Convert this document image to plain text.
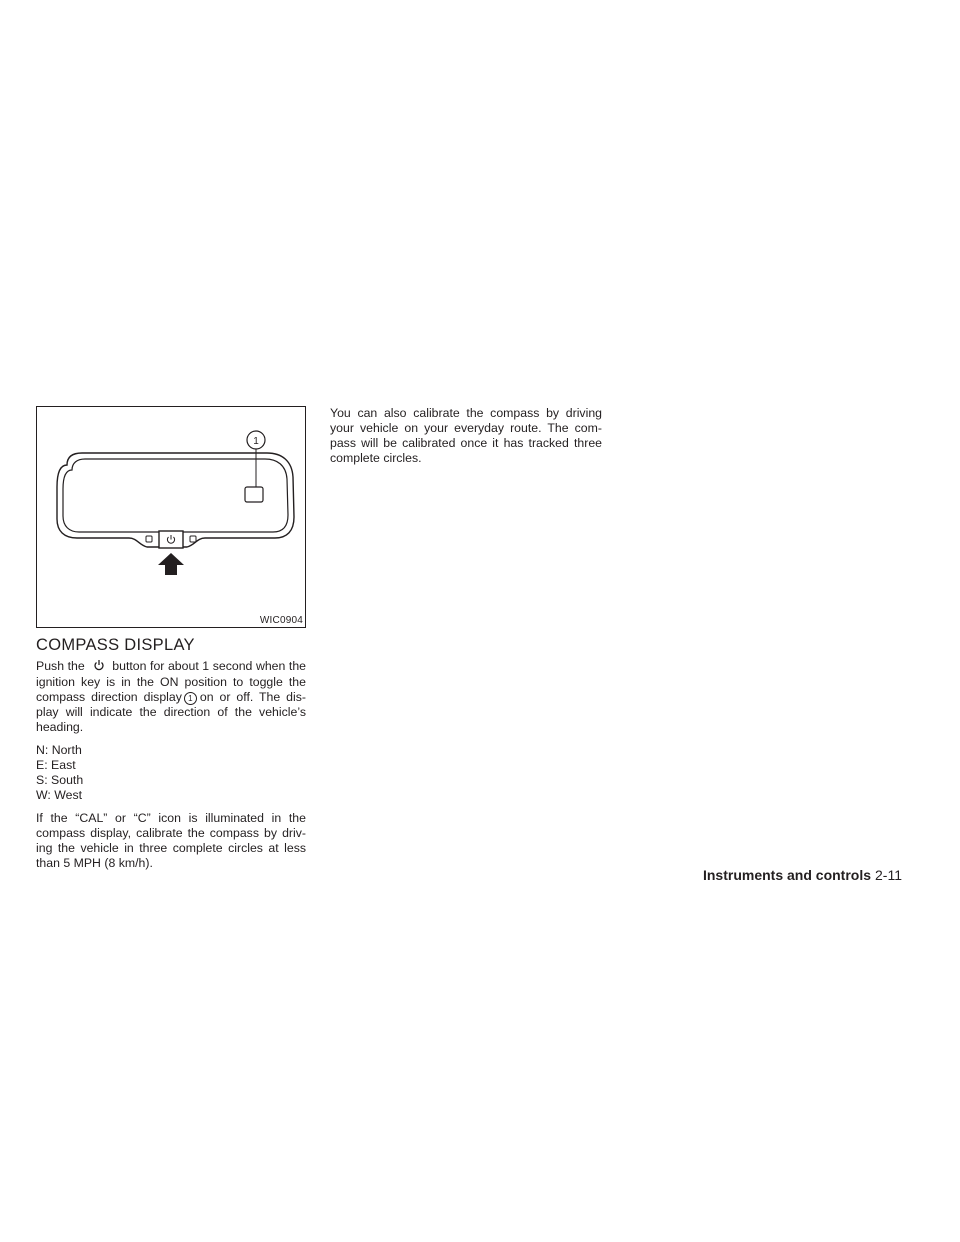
1
WIC0904
COMPASS DISPLAY

Push the button for about 1 second when the ignition key is in the ON position to toggle the compass direction display 1 on or off. The dis-play will indicate the direction of the vehicle’s heading.

N: North
E: East
S: South
W: West

If the “CAL” or “C” icon is illuminated in the compass display, calibrate the compass by driv-ing the vehicle in three complete circles at less than 5 MPH (8 km/h).

You can also calibrate the compass by driving your vehicle on your everyday route. The com-pass will be calibrated once it has tracked three complete circles.

Instruments and controls 2-11
